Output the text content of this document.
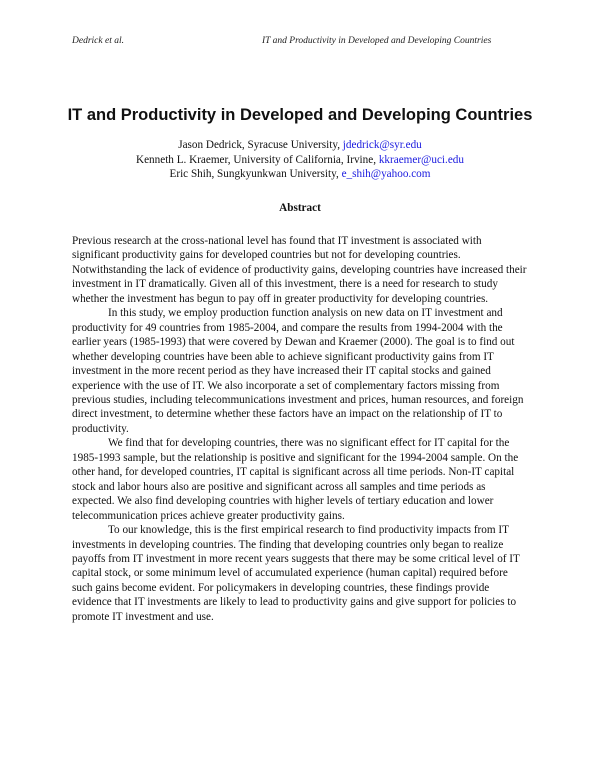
Dedrick et al.	IT and Productivity in Developed and Developing Countries
IT and Productivity in Developed and Developing Countries
Jason Dedrick, Syracuse University, jdedrick@syr.edu
Kenneth L. Kraemer, University of California, Irvine, kkraemer@uci.edu
Eric Shih, Sungkyunkwan University, e_shih@yahoo.com
Abstract

Previous research at the cross-national level has found that IT investment is associated with significant productivity gains for developed countries but not for developing countries. Notwithstanding the lack of evidence of productivity gains, developing countries have increased their investment in IT dramatically. Given all of this investment, there is a need for research to study whether the investment has begun to pay off in greater productivity for developing countries.

In this study, we employ production function analysis on new data on IT investment and productivity for 49 countries from 1985-2004, and compare the results from 1994-2004 with the earlier years (1985-1993) that were covered by Dewan and Kraemer (2000). The goal is to find out whether developing countries have been able to achieve significant productivity gains from IT investment in the more recent period as they have increased their IT capital stocks and gained experience with the use of IT. We also incorporate a set of complementary factors missing from previous studies, including telecommunications investment and prices, human resources, and foreign direct investment, to determine whether these factors have an impact on the relationship of IT to productivity.

We find that for developing countries, there was no significant effect for IT capital for the 1985-1993 sample, but the relationship is positive and significant for the 1994-2004 sample. On the other hand, for developed countries, IT capital is significant across all time periods. Non-IT capital stock and labor hours also are positive and significant across all samples and time periods as expected. We also find developing countries with higher levels of tertiary education and lower telecommunication prices achieve greater productivity gains.

To our knowledge, this is the first empirical research to find productivity impacts from IT investments in developing countries. The finding that developing countries only began to realize payoffs from IT investment in more recent years suggests that there may be some critical level of IT capital stock, or some minimum level of accumulated experience (human capital) required before such gains become evident. For policymakers in developing countries, these findings provide evidence that IT investments are likely to lead to productivity gains and give support for policies to promote IT investment and use.
